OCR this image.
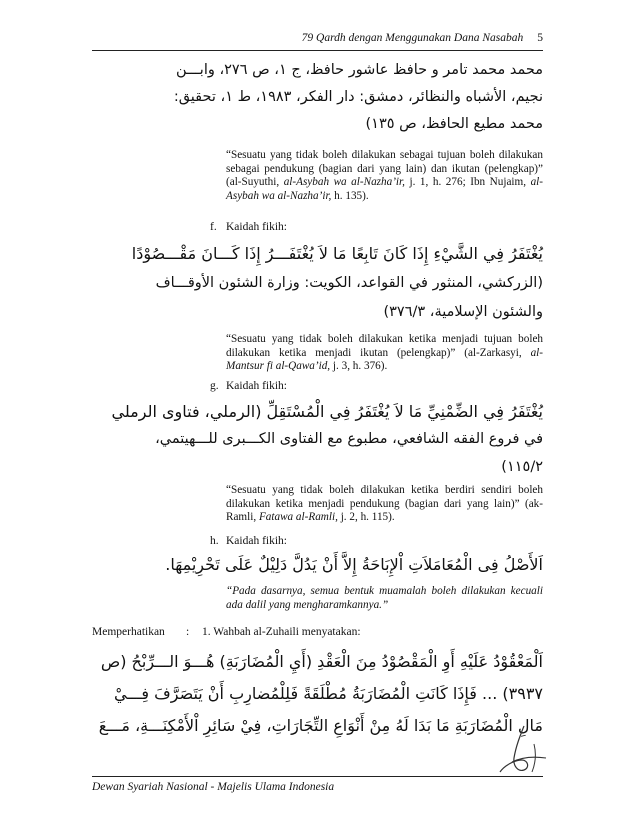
79 Qardh dengan Menggunakan Dana Nasabah 5
محمد محمد تامر و حافظ عاشور حافظ، ج ١، ص ٢٧٦، وابـــن
نجيم، الأشباه والنظائر، دمشق: دار الفكر، ١٩٨٣، ط ١، تحقيق:
محمد مطيع الحافظ، ص ١٣٥)
“Sesuatu yang tidak boleh dilakukan sebagai tujuan boleh dilakukan sebagai pendukung (bagian dari yang lain) dan ikutan (pelengkap)” (al-Suyuthi, al-Asybah wa al-Nazha’ir, j. 1, h. 276; Ibn Nujaim, al-Asybah wa al-Nazha’ir, h. 135).
f. Kaidah fikih:
يُغْتَفَرُ فِي الشَّيْءِ إِذَا كَانَ تَابِعًا مَا لاَ يُغْتَفَـــرُ إِذَا كَـــانَ مَقْـــصُوْدًا
(الزركشي، المنثور في القواعد، الكويت: وزارة الشئون الأوقـــاف
والشئون الإسلامية، ٣٧٦/٣)
“Sesuatu yang tidak boleh dilakukan ketika menjadi tujuan boleh dilakukan ketika menjadi ikutan (pelengkap)” (al-Zarkasyi, al-Mantsur fi al-Qawa’id, j. 3, h. 376).
g. Kaidah fikih:
يُغْتَفَرُ فِي الضِّمْنِيِّ مَا لاَ يُغْتَفَرُ فِي الْمُسْتَقِلِّ (الرملي، فتاوى الرملي
في فروع الفقه الشافعي، مطبوع مع الفتاوى الكـــبرى للـــهيتمي،
١١٥/٢)
“Sesuatu yang tidak boleh dilakukan ketika berdiri sendiri boleh dilakukan ketika menjadi pendukung (bagian dari yang lain)” (ak-Ramli, Fatawa al-Ramli, j. 2, h. 115).
h. Kaidah fikih:
اَلأَصْلُ فِى الْمُعَامَلاَتِ اْلإِبَاحَةُ إِلاَّ أَنْ يَدُلَّ دَلِيْلٌ عَلَى تَحْرِيْمِهَا.
“Pada dasarnya, semua bentuk muamalah boleh dilakukan kecuali ada dalil yang mengharamkannya.”
Memperhatikan : 1. Wahbah al-Zuhaili menyatakan:
اَلْمَعْقُوْدُ عَلَيْهِ أَوِ الْمَقْصُوْدُ مِنَ الْعَقْدِ (أَيِ الْمُضَارَبَةِ) هُـــوَ الـــرِّبْحُ (ص
٣٩٣٧) ... فَإِذَا كَانَتِ الْمُضَارَبَةُ مُطْلَقَةً فَلِلْمُضارِبِ أَنْ يَتَصَرَّفَ فِـــيْ
مَالِ الْمُضَارَبَةِ مَا بَدَا لَهُ مِنْ أَنْوَاعِ التِّجَارَاتِ، فِيْ سَائِرِ اْلأَمْكِنَـــةِ، مَـــعَ
Dewan Syariah Nasional - Majelis Ulama Indonesia
